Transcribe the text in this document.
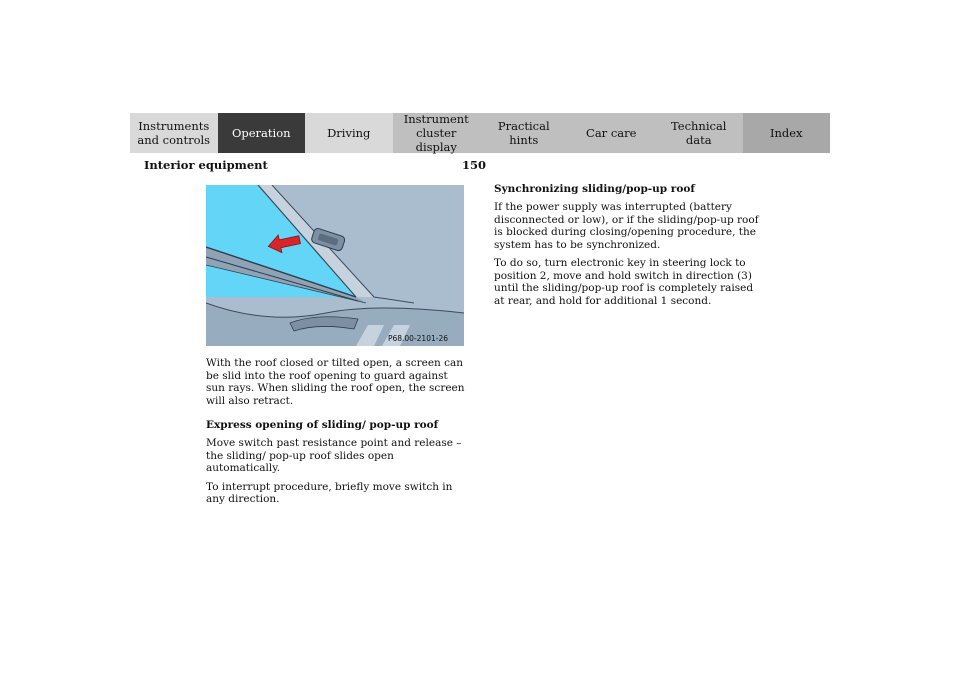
Instruments
and controls	Operation	Driving
Instrument
cluster display
Practical hints	Car care	Technical
data	Index
Interior equipment	150
P68.00-2101-26

With the roof closed or tilted open, a screen can be slid into the roof opening to guard against sun rays. When sliding the roof open, the screen will also retract.

Express opening of sliding/ pop-up roof

Move switch past resistance point and release – the sliding/ pop-up roof slides open automatically.

To interrupt procedure, briefly move switch in any direction.

Synchronizing sliding/pop-up roof

If the power supply was interrupted (battery disconnected or low), or if the sliding/pop-up roof is blocked during closing/opening procedure, the system has to be synchronized.

To do so, turn electronic key in steering lock to position 2, move and hold switch in direction (3) until the sliding/pop-up roof is completely raised at rear, and hold for additional 1 second.
